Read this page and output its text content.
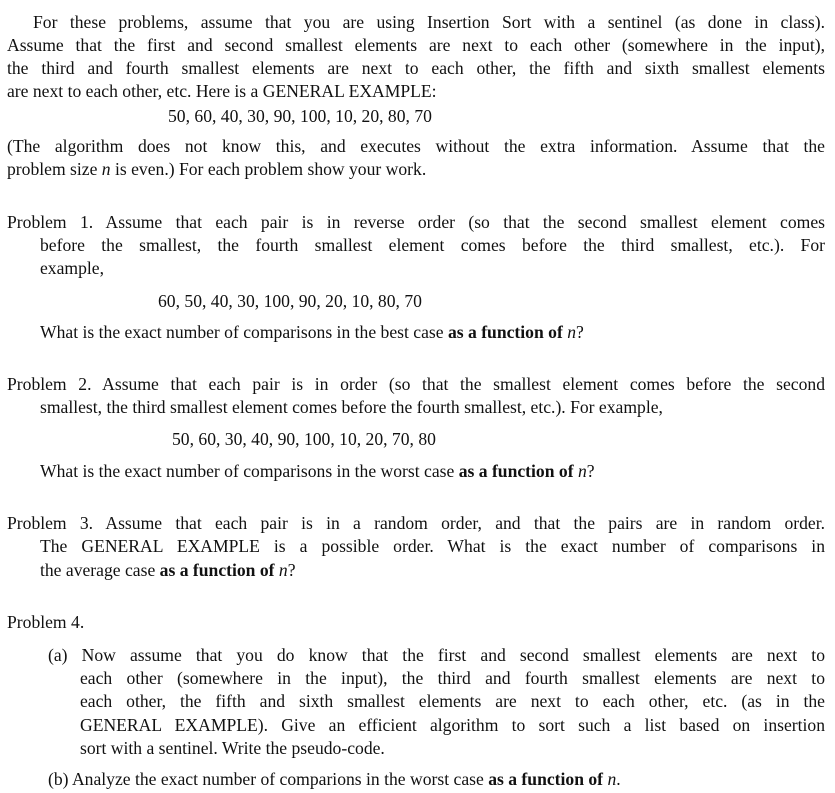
For these problems, assume that you are using Insertion Sort with a sentinel (as done in class).
Assume that the first and second smallest elements are next to each other (somewhere in the input),
the third and fourth smallest elements are next to each other, the fifth and sixth smallest elements
are next to each other, etc. Here is a GENERAL EXAMPLE:
50, 60, 40, 30, 90, 100, 10, 20, 80, 70
(The algorithm does not know this, and executes without the extra information. Assume that the
problem size n is even.) For each problem show your work.
Problem 1. Assume that each pair is in reverse order (so that the second smallest element comes
before the smallest, the fourth smallest element comes before the third smallest, etc.). For
example,
60, 50, 40, 30, 100, 90, 20, 10, 80, 70
What is the exact number of comparisons in the best case as a function of n?
Problem 2. Assume that each pair is in order (so that the smallest element comes before the second
smallest, the third smallest element comes before the fourth smallest, etc.). For example,
50, 60, 30, 40, 90, 100, 10, 20, 70, 80
What is the exact number of comparisons in the worst case as a function of n?
Problem 3. Assume that each pair is in a random order, and that the pairs are in random order.
The GENERAL EXAMPLE is a possible order. What is the exact number of comparisons in
the average case as a function of n?
Problem 4.
(a) Now assume that you do know that the first and second smallest elements are next to
each other (somewhere in the input), the third and fourth smallest elements are next to
each other, the fifth and sixth smallest elements are next to each other, etc. (as in the
GENERAL EXAMPLE). Give an efficient algorithm to sort such a list based on insertion
sort with a sentinel. Write the pseudo-code.
(b) Analyze the exact number of comparions in the worst case as a function of n.
